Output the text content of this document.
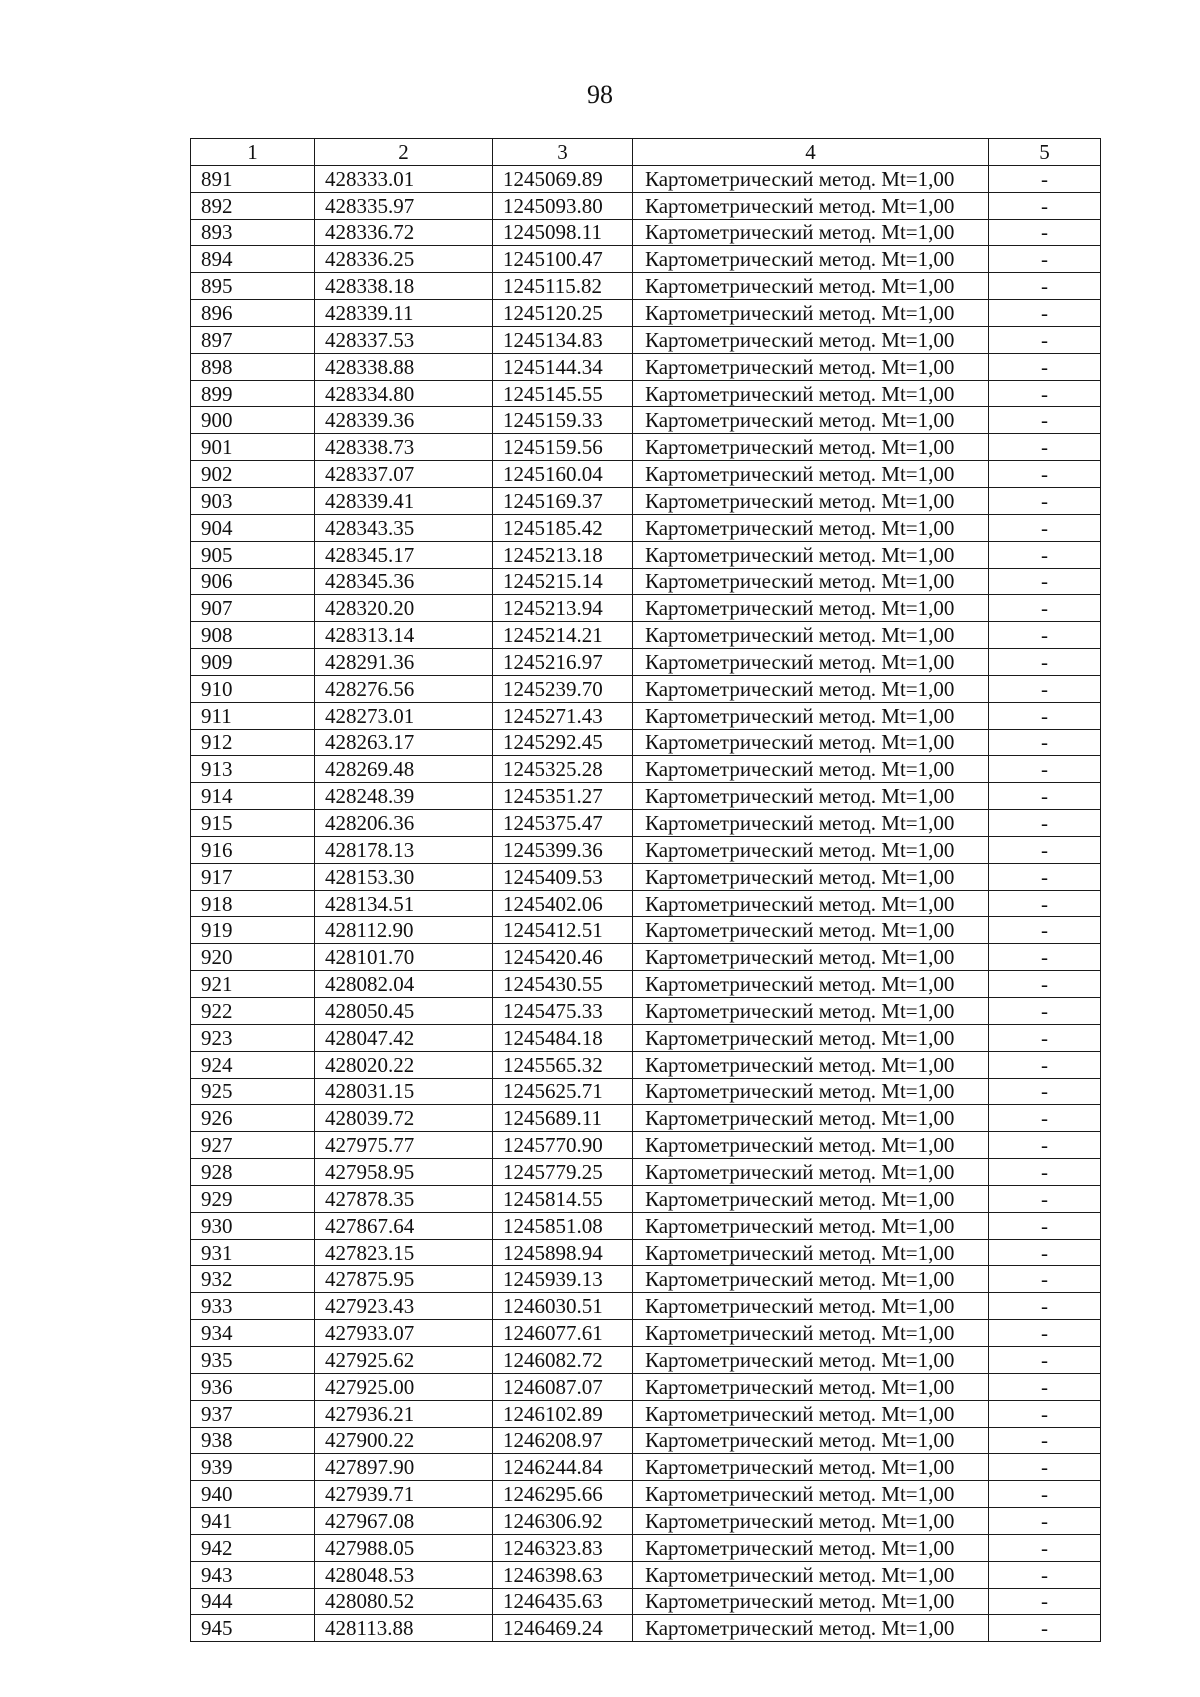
98
1	2	3	4	5
891	428333.01	1245069.89	Картометрический метод. Mt=1,00	-
892	428335.97	1245093.80	Картометрический метод. Mt=1,00	-
893	428336.72	1245098.11	Картометрический метод. Mt=1,00	-
894	428336.25	1245100.47	Картометрический метод. Mt=1,00	-
895	428338.18	1245115.82	Картометрический метод. Mt=1,00	-
896	428339.11	1245120.25	Картометрический метод. Mt=1,00	-
897	428337.53	1245134.83	Картометрический метод. Mt=1,00	-
898	428338.88	1245144.34	Картометрический метод. Mt=1,00	-
899	428334.80	1245145.55	Картометрический метод. Mt=1,00	-
900	428339.36	1245159.33	Картометрический метод. Mt=1,00	-
901	428338.73	1245159.56	Картометрический метод. Mt=1,00	-
902	428337.07	1245160.04	Картометрический метод. Mt=1,00	-
903	428339.41	1245169.37	Картометрический метод. Mt=1,00	-
904	428343.35	1245185.42	Картометрический метод. Mt=1,00	-
905	428345.17	1245213.18	Картометрический метод. Mt=1,00	-
906	428345.36	1245215.14	Картометрический метод. Mt=1,00	-
907	428320.20	1245213.94	Картометрический метод. Mt=1,00	-
908	428313.14	1245214.21	Картометрический метод. Mt=1,00	-
909	428291.36	1245216.97	Картометрический метод. Mt=1,00	-
910	428276.56	1245239.70	Картометрический метод. Mt=1,00	-
911	428273.01	1245271.43	Картометрический метод. Mt=1,00	-
912	428263.17	1245292.45	Картометрический метод. Mt=1,00	-
913	428269.48	1245325.28	Картометрический метод. Mt=1,00	-
914	428248.39	1245351.27	Картометрический метод. Mt=1,00	-
915	428206.36	1245375.47	Картометрический метод. Mt=1,00	-
916	428178.13	1245399.36	Картометрический метод. Mt=1,00	-
917	428153.30	1245409.53	Картометрический метод. Mt=1,00	-
918	428134.51	1245402.06	Картометрический метод. Mt=1,00	-
919	428112.90	1245412.51	Картометрический метод. Mt=1,00	-
920	428101.70	1245420.46	Картометрический метод. Mt=1,00	-
921	428082.04	1245430.55	Картометрический метод. Mt=1,00	-
922	428050.45	1245475.33	Картометрический метод. Mt=1,00	-
923	428047.42	1245484.18	Картометрический метод. Mt=1,00	-
924	428020.22	1245565.32	Картометрический метод. Mt=1,00	-
925	428031.15	1245625.71	Картометрический метод. Mt=1,00	-
926	428039.72	1245689.11	Картометрический метод. Mt=1,00	-
927	427975.77	1245770.90	Картометрический метод. Mt=1,00	-
928	427958.95	1245779.25	Картометрический метод. Mt=1,00	-
929	427878.35	1245814.55	Картометрический метод. Mt=1,00	-
930	427867.64	1245851.08	Картометрический метод. Mt=1,00	-
931	427823.15	1245898.94	Картометрический метод. Mt=1,00	-
932	427875.95	1245939.13	Картометрический метод. Mt=1,00	-
933	427923.43	1246030.51	Картометрический метод. Mt=1,00	-
934	427933.07	1246077.61	Картометрический метод. Mt=1,00	-
935	427925.62	1246082.72	Картометрический метод. Mt=1,00	-
936	427925.00	1246087.07	Картометрический метод. Mt=1,00	-
937	427936.21	1246102.89	Картометрический метод. Mt=1,00	-
938	427900.22	1246208.97	Картометрический метод. Mt=1,00	-
939	427897.90	1246244.84	Картометрический метод. Mt=1,00	-
940	427939.71	1246295.66	Картометрический метод. Mt=1,00	-
941	427967.08	1246306.92	Картометрический метод. Mt=1,00	-
942	427988.05	1246323.83	Картометрический метод. Mt=1,00	-
943	428048.53	1246398.63	Картометрический метод. Mt=1,00	-
944	428080.52	1246435.63	Картометрический метод. Mt=1,00	-
945	428113.88	1246469.24	Картометрический метод. Mt=1,00	-
